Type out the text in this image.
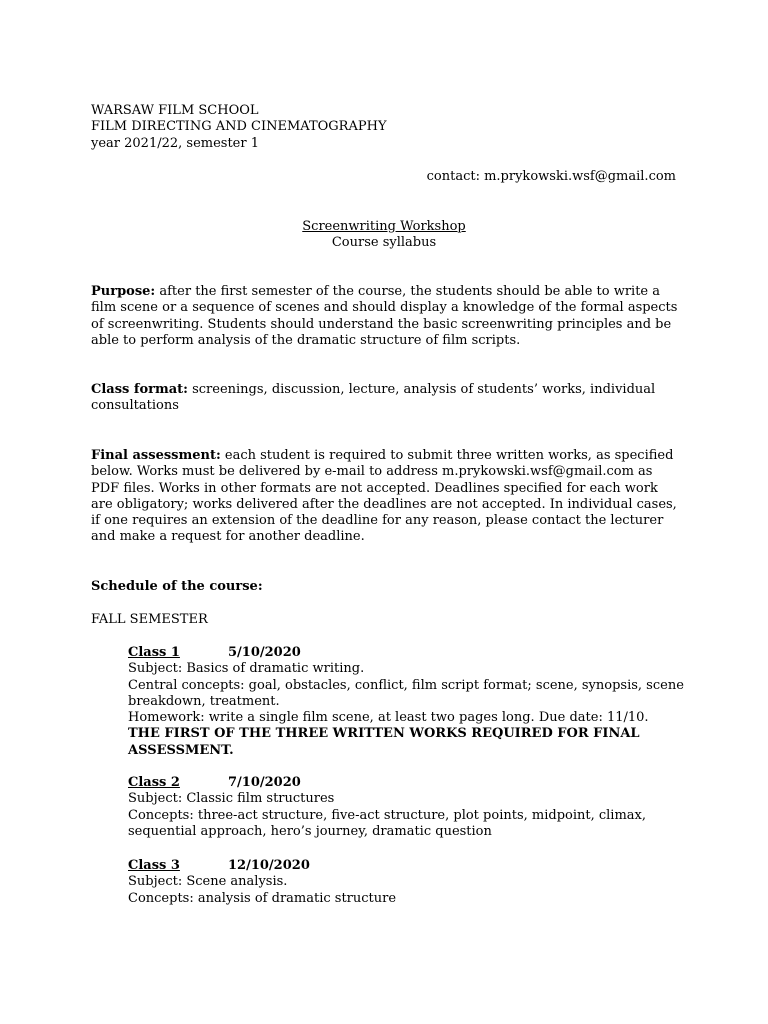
WARSAW FILM SCHOOL

FILM DIRECTING AND CINEMATOGRAPHY

year 2021/22, semester 1

contact: m.prykowski.wsf@gmail.com

Screenwriting Workshop

Course syllabus

Purpose: after the first semester of the course, the students should be able to write a film scene or a sequence of scenes and should display a knowledge of the formal aspects of screenwriting. Students should understand the basic screenwriting principles and be able to perform analysis of the dramatic structure of film scripts.
Class format: screenings, discussion, lecture, analysis of students’ works, individual consultations
Final assessment: each student is required to submit three written works, as specified below. Works must be delivered by e-mail to address m.prykowski.wsf@gmail.com as PDF files. Works in other formats are not accepted. Deadlines specified for each work are obligatory; works delivered after the deadlines are not accepted. In individual cases, if one requires an extension of the deadline for any reason, please contact the lecturer and make a request for another deadline.
Schedule of the course:
FALL SEMESTER
Class 1	5/10/2020

Subject: Basics of dramatic writing.

Central concepts: goal, obstacles, conflict, film script format; scene, synopsis, scene breakdown, treatment.

Homework: write a single film scene, at least two pages long. Due date: 11/10.

THE FIRST OF THE THREE WRITTEN WORKS REQUIRED FOR FINAL ASSESSMENT.

Class 2	7/10/2020

Subject: Classic film structures

Concepts: three-act structure, five-act structure, plot points, midpoint, climax, sequential approach, hero’s journey, dramatic question

Class 3	12/10/2020

Subject: Scene analysis.

Concepts: analysis of dramatic structure
